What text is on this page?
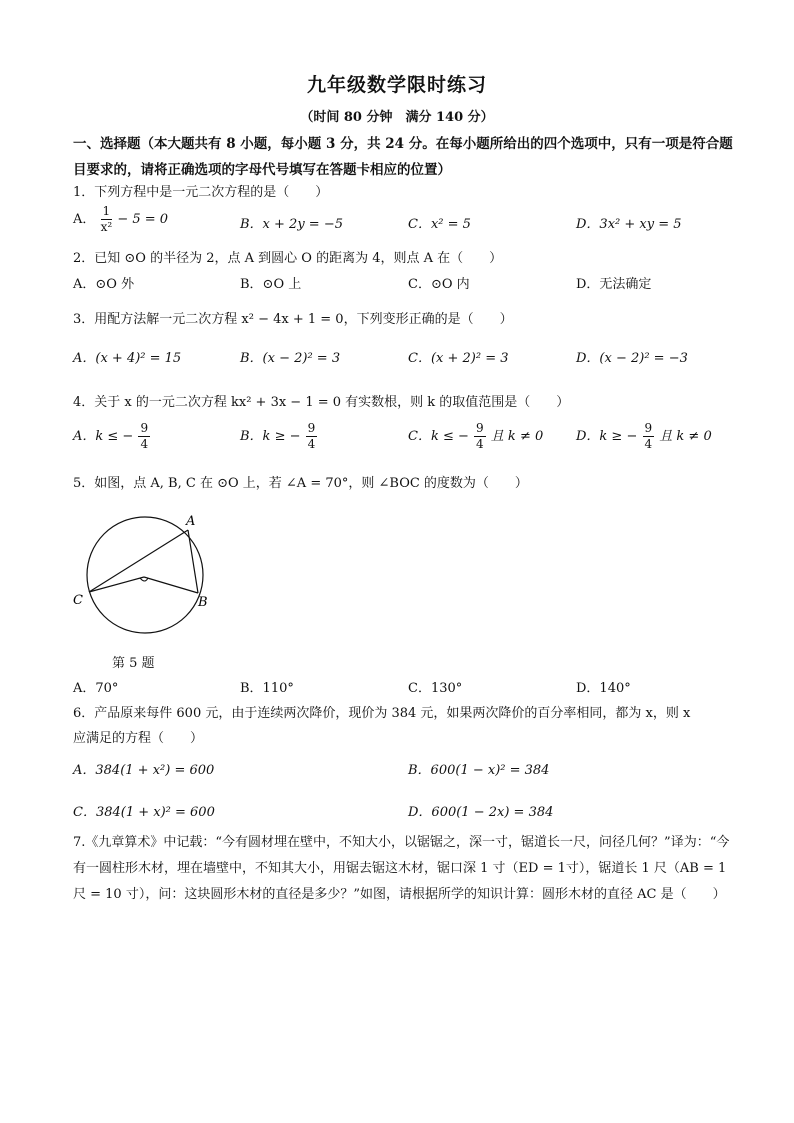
九年级数学限时练习
（时间 80 分钟　满分 140 分）
一、选择题（本大题共有 8 小题，每小题 3 分，共 24 分。在每小题所给出的四个选项中，只有一项是符合题目要求的，请将正确选项的字母代号填写在答题卡相应的位置）
1．下列方程中是一元二次方程的是（　　）
A． $\frac{1}{\text{x²}} - 5 = 0$	B．x + 2y = −5	C．x² = 5	D．3x² + xy = 5
2．已知 ⊙O 的半径为 2，点 A 到圆心 O 的距离为 4，则点 A 在（　　）
A．⊙O 外	B．⊙O 上	C．⊙O 内	D．无法确定
3．用配方法解一元二次方程 x² − 4x + 1 = 0，下列变形正确的是（　　）
A．(x + 4)² = 15	B．(x − 2)² = 3	C．(x + 2)² = 3	D．(x − 2)² = −3
4．关于 x 的一元二次方程 kx² + 3x − 1 = 0 有实数根，则 k 的取值范围是（　　）
A．k ≤ − $\frac{9}{4}$	B．k ≥ − $\frac{9}{4}$	C．k ≤ − $\frac{9}{4}$ 且 k ≠ 0	D．k ≥ − $\frac{9}{4}$ 且 k ≠ 0
5．如图，点 A, B, C 在 ⊙O 上，若 ∠A = 70°，则 ∠BOC 的度数为（　　）
A
B
C
第 5 题
A．70°	B．110°	C．130°	D．140°
6．产品原来每件 600 元，由于连续两次降价，现价为 384 元，如果两次降价的百分率相同，都为 x，则 x
应满足的方程（　　）
A．384(1 + x²) = 600	B．600(1 − x)² = 384
C．384(1 + x)² = 600	D．600(1 − 2x) = 384
7.《九章算术》中记载：“今有圆材埋在壁中，不知大小，以锯锯之，深一寸，锯道长一尺，问径几何？”译为：“今有一圆柱形木材，埋在墙壁中，不知其大小，用锯去锯这木材，锯口深 1 寸（ED = 1寸），锯道长 1 尺（AB = 1尺 = 10 寸），问：这块圆形木材的直径是多少？”如图，请根据所学的知识计算：圆形木材的直径 AC 是（　　）
